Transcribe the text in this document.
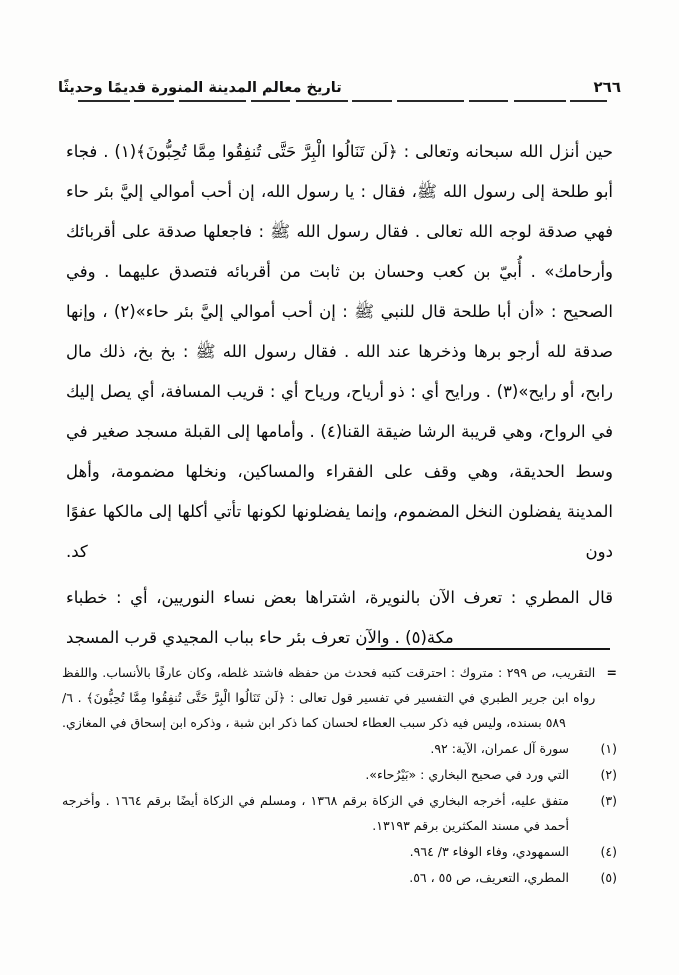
تاريخ معالم المدينة المنورة قديمًا وحديثًا	٢٦٦

حين أنزل الله سبحانه وتعالى : ﴿لَن تَنَالُوا الْبِرَّ حَتَّى تُنفِقُوا مِمَّا تُحِبُّونَ﴾(١) . فجاء أبو طلحة إلى رسول الله ﷺ، فقال : يا رسول الله، إن أحب أموالي إليَّ بئر حاء فهي صدقة لوجه الله تعالى . فقال رسول الله ﷺ : فاجعلها صدقة على أقربائك وأرحامك» . أُبيّ بن كعب وحسان بن ثابت من أقربائه فتصدق عليهما . وفي الصحيح : «أن أبا طلحة قال للنبي ﷺ : إن أحب أموالي إليَّ بئر حاء»(٢) ، وإنها صدقة لله أرجو برها وذخرها عند الله . فقال رسول الله ﷺ : بخ بخ، ذلك مال رابح، أو رايح»(٣) . ورايح أي : ذو أرياح، ورياح أي : قريب المسافة، أي يصل إليك في الرواح، وهي قريبة الرشا ضيقة القنا(٤) . وأمامها إلى القبلة مسجد صغير في وسط الحديقة، وهي وقف على الفقراء والمساكين، ونخلها مضمومة، وأهل المدينة يفضلون النخل المضموم، وإنما يفضلونها لكونها تأتي أكلها إلى مالكها عفوًا دون كد.

قال المطري : تعرف الآن بالنويرة، اشتراها بعض نساء النوريين، أي : خطباء مكة(٥) . والآن تعرف بئر حاء بباب المجيدي قرب المسجد

=
التقريب، ص ٢٩٩ : متروك : احترقت كتبه فحدث من حفظه فاشتد غلطه، وكان عارفًا بالأنساب. واللفظ رواه ابن جرير الطبري في التفسير في تفسير قول تعالى : ﴿لَن تَنَالُوا الْبِرَّ حَتَّى تُنفِقُوا مِمَّا تُحِبُّونَ﴾ . ٦/ ٥٨٩ بسنده، وليس فيه ذكر سبب العطاء لحسان كما ذكر ابن شبة ، وذكره ابن إسحاق في المغازي.
(١)
سورة آل عمران، الآية: ٩٢.
(٢)
التي ورد في صحيح البخاري : «بَيْرُحاء».
(٣)
متفق عليه، أخرجه البخاري في الزكاة برقم ١٣٦٨ ، ومسلم في الزكاة أيضًا برقم ١٦٦٤ . وأخرجه أحمد في مسند المكثرين برقم ١٣١٩٣.
(٤)
السمهودي، وفاء الوفاء ٣/ ٩٦٤.
(٥)
المطري، التعريف، ص ٥٥ ، ٥٦.
